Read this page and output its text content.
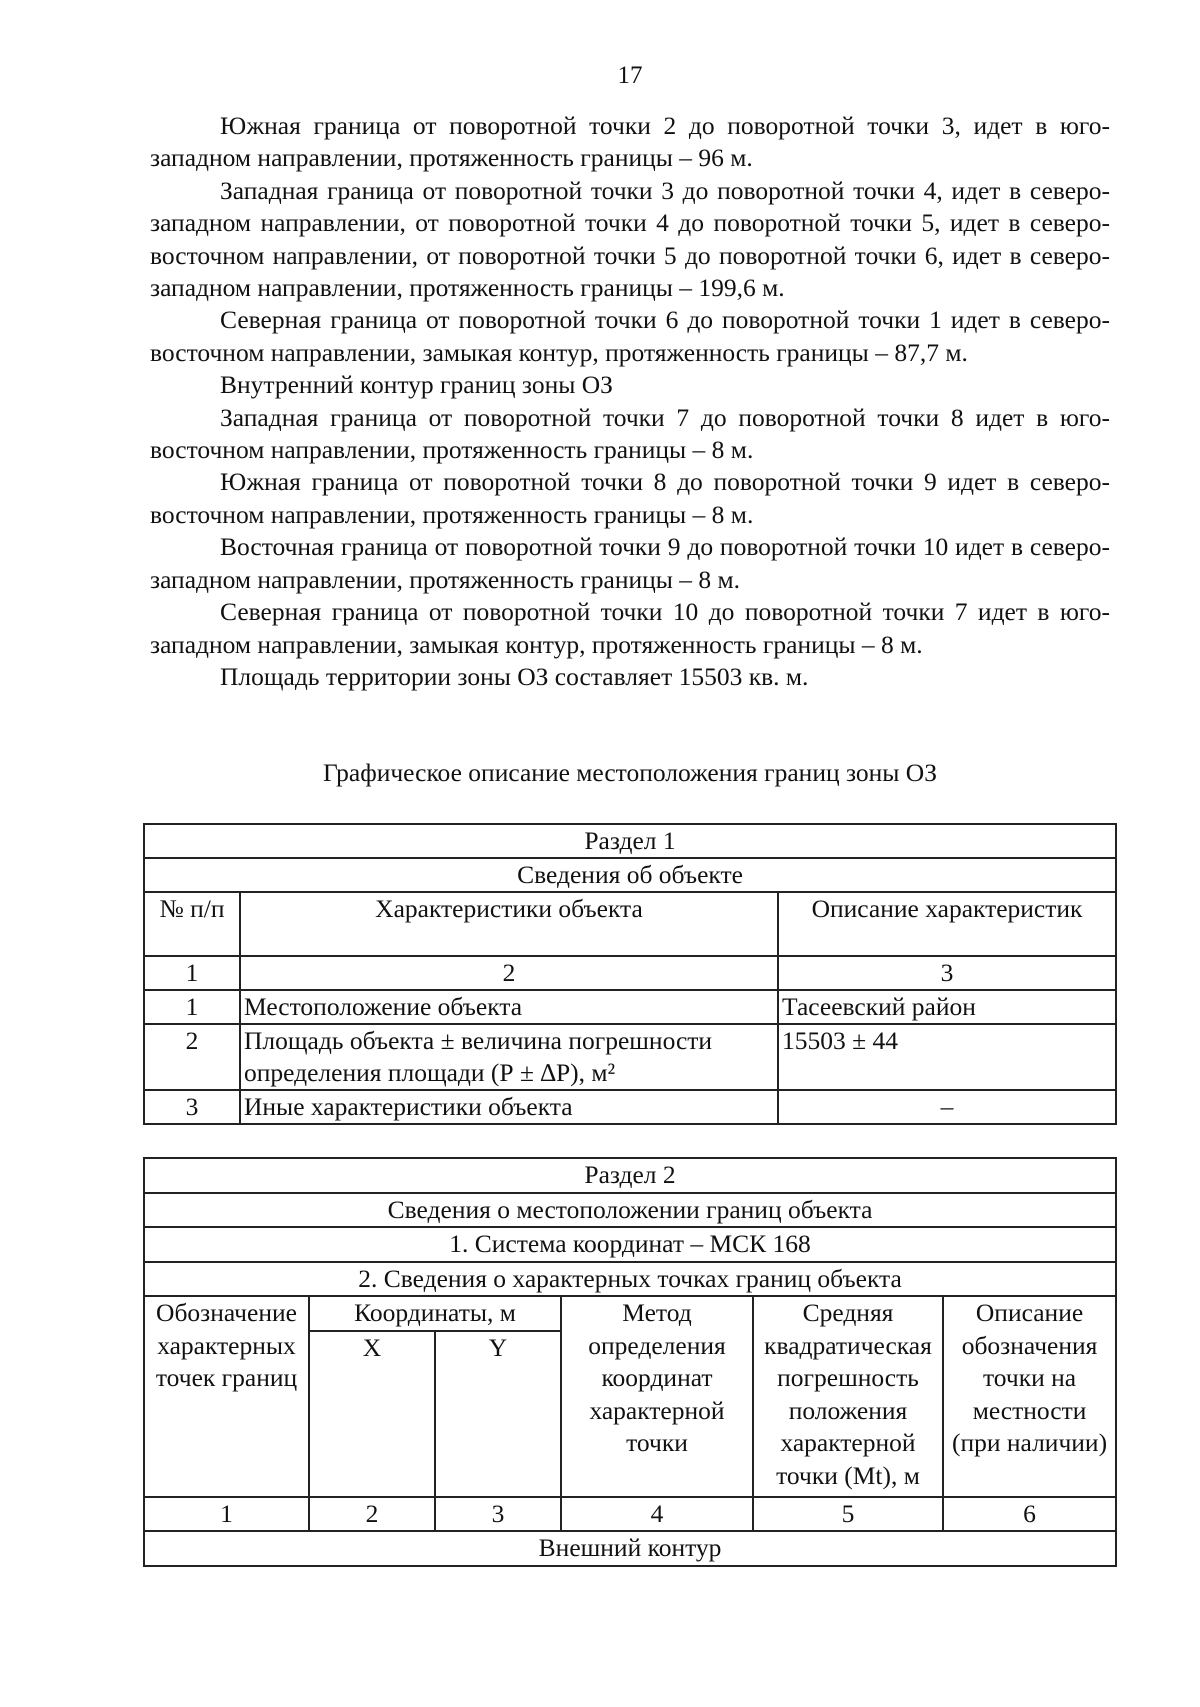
17

Южная граница от поворотной точки 2 до поворотной точки 3, идет в юго-западном направлении, протяженность границы – 96 м.

Западная граница от поворотной точки 3 до поворотной точки 4, идет в северо-западном направлении, от поворотной точки 4 до поворотной точки 5, идет в северо-восточном направлении, от поворотной точки 5 до поворотной точки 6, идет в северо-западном направлении, протяженность границы – 199,6 м.

Северная граница от поворотной точки 6 до поворотной точки 1 идет в северо-восточном направлении, замыкая контур, протяженность границы – 87,7 м.

Внутренний контур границ зоны ОЗ

Западная граница от поворотной точки 7 до поворотной точки 8 идет в юго-восточном направлении, протяженность границы – 8 м.

Южная граница от поворотной точки 8 до поворотной точки 9 идет в северо-восточном направлении, протяженность границы – 8 м.

Восточная граница от поворотной точки 9 до поворотной точки 10 идет в северо-западном направлении, протяженность границы – 8 м.

Северная граница от поворотной точки 10 до поворотной точки 7 идет в юго-западном направлении, замыкая контур, протяженность границы – 8 м.

Площадь территории зоны ОЗ составляет 15503 кв. м.

Графическое описание местоположения границ зоны ОЗ
Раздел 1		
Сведения об объекте		
№ п/п	Характеристики объекта	Описание характеристик
1	2	3
1	Местоположение объекта	Тасеевский район
2	Площадь объекта ± величина погрешности определения площади (Р ± ∆Р), м²	15503 ± 44
3	Иные характеристики объекта	–
Раздел 2					
Сведения о местоположении границ объекта					
1. Система координат – МСК 168					
2. Сведения о характерных точках границ объекта					
Обозначение характерных точек границ	Координаты, м		Метод определения координат характерной точки	Средняя квадратическая погрешность положения характерной точки (Mt), м	Описание обозначения точки на местности (при наличии)
	X	Y			
1	2	3	4	5	6
Внешний контур					
